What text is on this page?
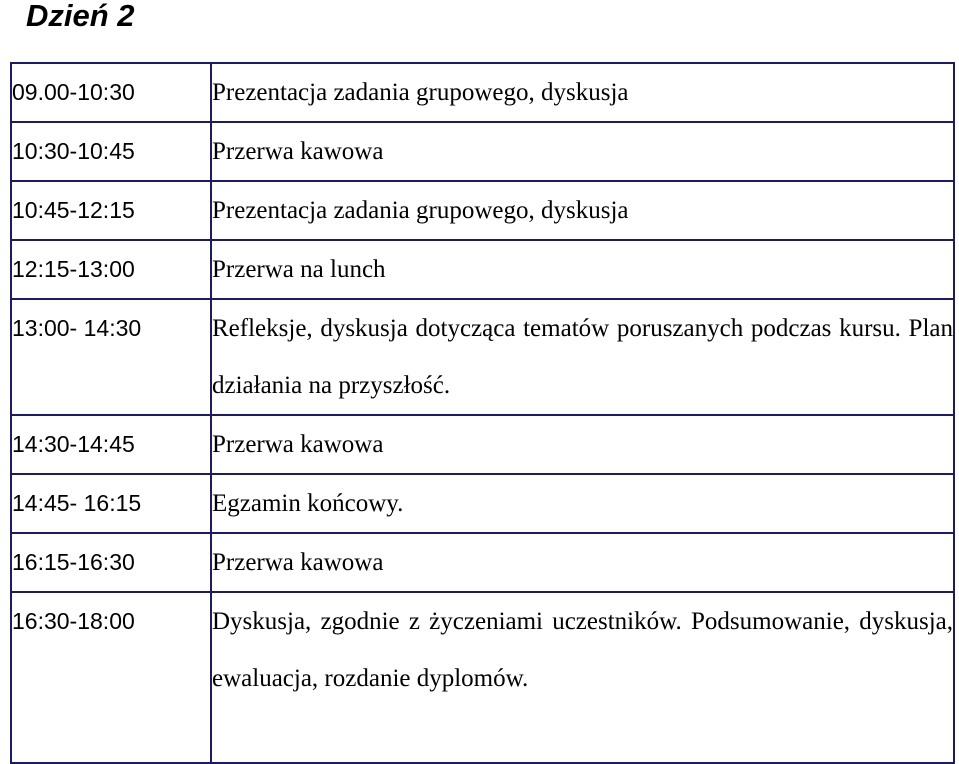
Dzień 2
09.00-10:30	Prezentacja zadania grupowego, dyskusja
10:30-10:45	Przerwa kawowa
10:45-12:15	Prezentacja zadania grupowego, dyskusja
12:15-13:00	Przerwa na lunch
13:00- 14:30	Refleksje, dyskusja dotycząca tematów poruszanych podczas kursu. Plan działania na przyszłość.
14:30-14:45	Przerwa kawowa
14:45- 16:15	Egzamin końcowy.
16:15-16:30	Przerwa kawowa
16:30-18:00	Dyskusja, zgodnie z życzeniami uczestników. Podsumowanie, dyskusja, ewaluacja, rozdanie dyplomów.
